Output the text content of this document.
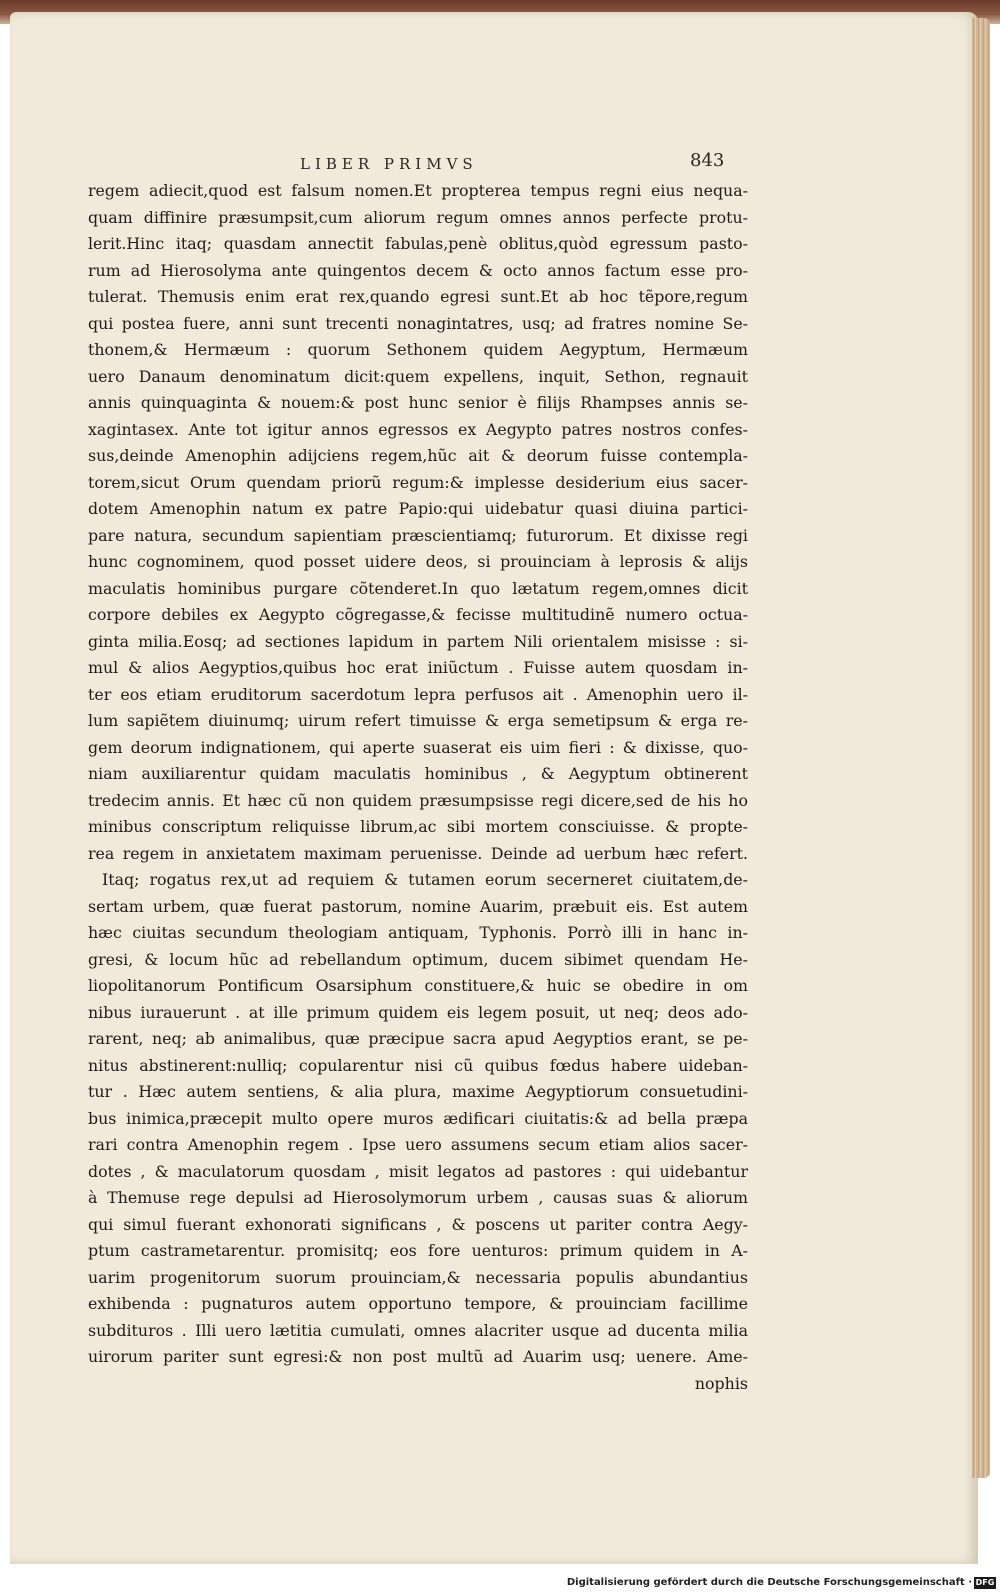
LIBER PRIMVS	843
regem adiecit,quod est falsum nomen.Et propterea tempus regni eius nequa-
quam diffinire præsumpsit,cum aliorum regum omnes annos perfecte protu-
lerit.Hinc itaq; quasdam annectit fabulas,penè oblitus,quòd egressum pasto-
rum ad Hierosolyma ante quingentos decem & octo annos factum esse pro-
tulerat. Themusis enim erat rex,quando egresi sunt.Et ab hoc tẽpore,regum
qui postea fuere, anni sunt trecenti nonagintatres, usq; ad fratres nomine Se-
thonem,& Hermæum : quorum Sethonem quidem Aegyptum, Hermæum
uero Danaum denominatum dicit:quem expellens, inquit, Sethon, regnauit
annis quinquaginta & nouem:& post hunc senior è filijs Rhampses annis se-
xagintasex. Ante tot igitur annos egressos ex Aegypto patres nostros confes-
sus,deinde Amenophin adijciens regem,hũc ait & deorum fuisse contempla-
torem,sicut Orum quendam priorũ regum:& implesse desiderium eius sacer-
dotem Amenophin natum ex patre Papio:qui uidebatur quasi diuina partici-
pare natura, secundum sapientiam præscientiamq; futurorum. Et dixisse regi
hunc cognominem, quod posset uidere deos, si prouinciam à leprosis & alijs
maculatis hominibus purgare cõtenderet.In quo lætatum regem,omnes dicit
corpore debiles ex Aegypto cõgregasse,& fecisse multitudinẽ numero octua-
ginta milia.Eosq; ad sectiones lapidum in partem Nili orientalem misisse : si-
mul & alios Aegyptios,quibus hoc erat iniũctum . Fuisse autem quosdam in-
ter eos etiam eruditorum sacerdotum lepra perfusos ait . Amenophin uero il-
lum sapiẽtem diuinumq; uirum refert timuisse & erga semetipsum & erga re-
gem deorum indignationem, qui aperte suaserat eis uim fieri : & dixisse, quo-
niam auxiliarentur quidam maculatis hominibus , & Aegyptum obtinerent
tredecim annis. Et hæc cũ non quidem præsumpsisse regi dicere,sed de his ho
minibus conscriptum reliquisse librum,ac sibi mortem consciuisse. & propte-
rea regem in anxietatem maximam peruenisse. Deinde ad uerbum hæc refert.
Itaq; rogatus rex,ut ad requiem & tutamen eorum secerneret ciuitatem,de-
sertam urbem, quæ fuerat pastorum, nomine Auarim, præbuit eis. Est autem
hæc ciuitas secundum theologiam antiquam, Typhonis. Porrò illi in hanc in-
gresi, & locum hũc ad rebellandum optimum, ducem sibimet quendam He-
liopolitanorum Pontificum Osarsiphum constituere,& huic se obedire in om
nibus iurauerunt . at ille primum quidem eis legem posuit, ut neq; deos ado-
rarent, neq; ab animalibus, quæ præcipue sacra apud Aegyptios erant, se pe-
nitus abstinerent:nulliq; copularentur nisi cũ quibus fœdus habere uideban-
tur . Hæc autem sentiens, & alia plura, maxime Aegyptiorum consuetudini-
bus inimica,præcepit multo opere muros ædificari ciuitatis:& ad bella præpa
rari contra Amenophin regem . Ipse uero assumens secum etiam alios sacer-
dotes , & maculatorum quosdam , misit legatos ad pastores : qui uidebantur
à Themuse rege depulsi ad Hierosolymorum urbem , causas suas & aliorum
qui simul fuerant exhonorati significans , & poscens ut pariter contra Aegy-
ptum castrametarentur. promisitq; eos fore uenturos: primum quidem in A-
uarim progenitorum suorum prouinciam,& necessaria populis abundantius
exhibenda : pugnaturos autem opportuno tempore, & prouinciam facillime
subdituros . Illi uero lætitia cumulati, omnes alacriter usque ad ducenta milia
uirorum pariter sunt egresi:& non post multũ ad Auarim usq; uenere. Ame-
nophis
Digitalisierung gefördert durch die Deutsche Forschungsgemeinschaft · DFG
